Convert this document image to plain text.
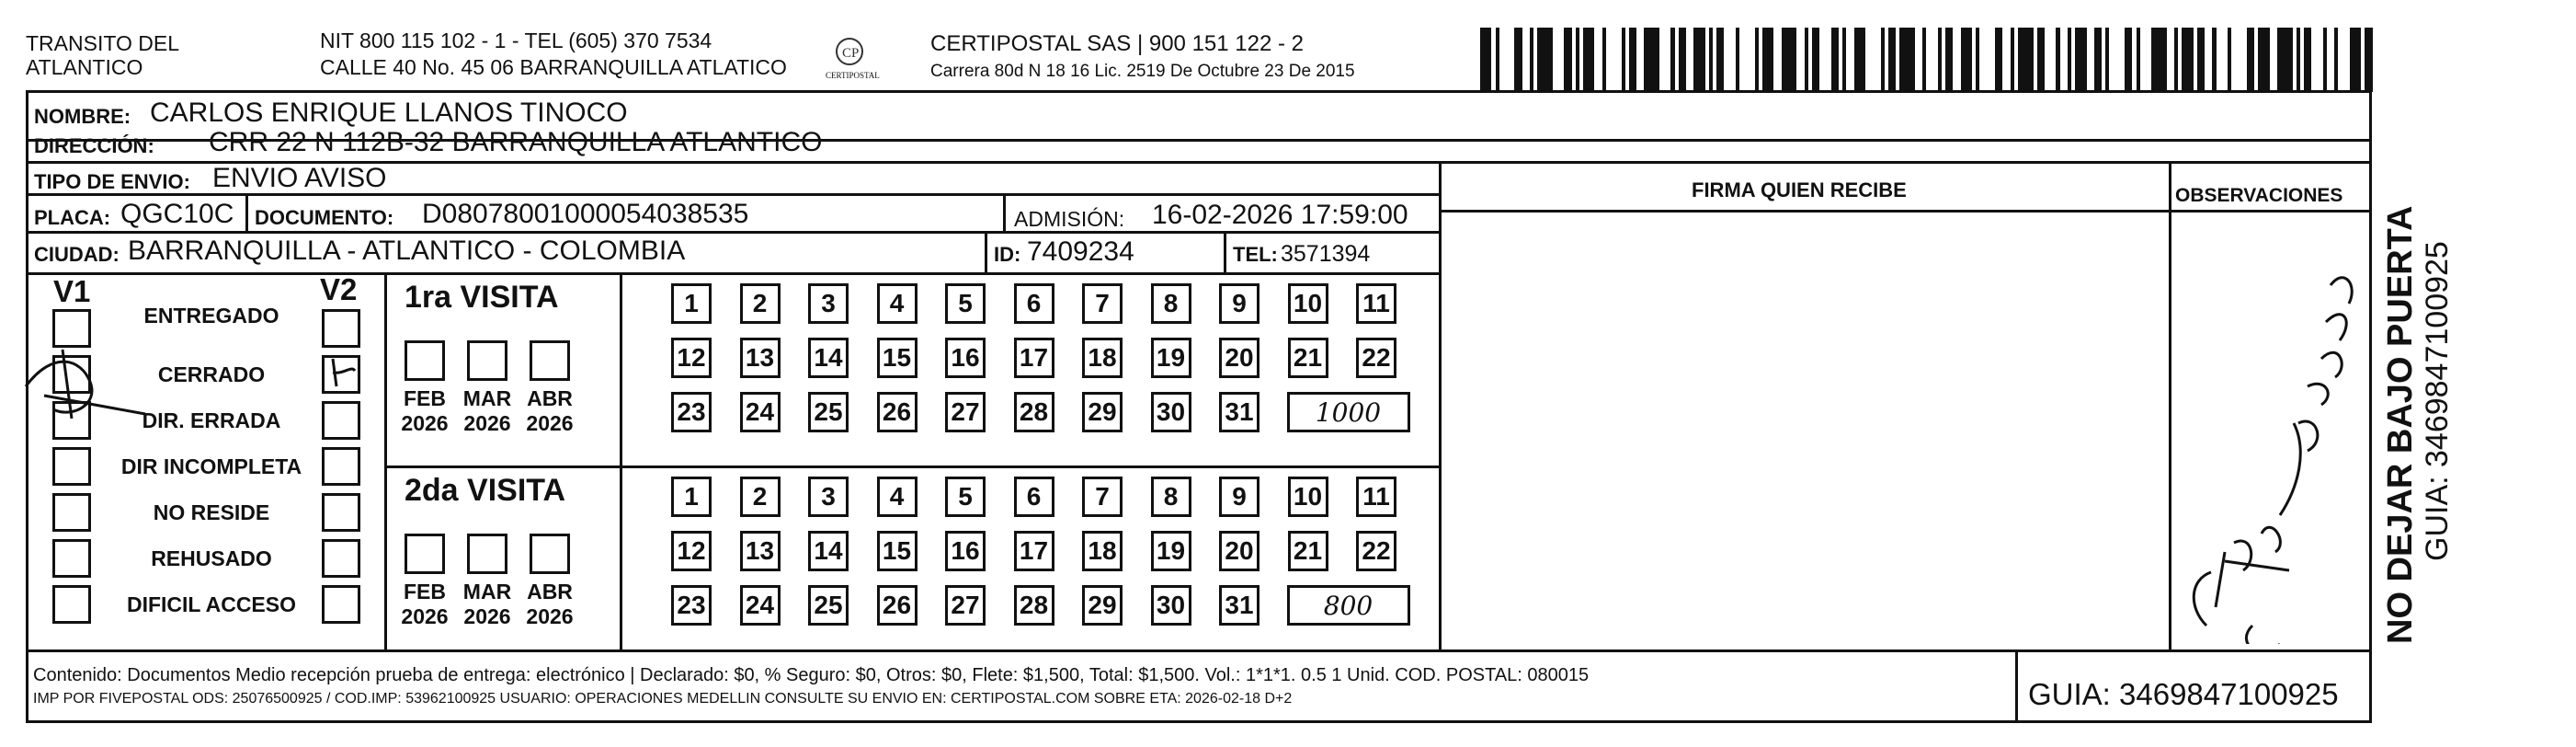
TRANSITO DEL
ATLANTICO
NIT 800 115 102 - 1 - TEL (605) 370 7534
CALLE 40 No. 45 06 BARRANQUILLA ATLATICO
CP
CERTIPOSTAL
CERTIPOSTAL SAS | 900 151 122 - 2
Carrera 80d N 18 16 Lic. 2519 De Octubre 23 De 2015
NOMBRE: CARLOS ENRIQUE LLANOS TINOCO
DIRECCIÓN: CRR 22 N 112B-32 BARRANQUILLA ATLANTICO
TIPO DE ENVIO: ENVIO AVISO
PLACA: QGC10C DOCUMENTO: D08078001000054038535	ADMISIÓN: 16-02-2026 17:59:00
CIUDAD: BARRANQUILLA - ATLANTICO - COLOMBIA	ID: 7409234	TEL: 3571394
FIRMA QUIEN RECIBE	OBSERVACIONES
NO DEJAR BAJO PUERTA GUIA: 3469847100925
V1	V2
ENTREGADO
CERRADO
DIR. ERRADA
DIR INCOMPLETA
NO RESIDE
REHUSADO
DIFICIL ACCESO
1ra VISITA
FEB
2026
MAR
2026
ABR
2026
1	2	3	4	5	6	7	8	9	10 11
12 13 14 15 16 17 18 19 20 21 22
23 24 25 26 27 28 29 30 31	1000
2da VISITA
FEB
2026
MAR
2026
ABR
2026
1	2	3	4	5	6	7	8	9	10 11
12 13 14 15 16 17 18 19 20 21 22
23 24 25 26 27 28 29 30 31	800
Contenido: Documentos Medio recepción prueba de entrega: electrónico | Declarado: $0, % Seguro: $0, Otros: $0, Flete: $1,500, Total: $1,500. Vol.: 1*1*1. 0.5 1 Unid. COD. POSTAL: 080015
IMP POR FIVEPOSTAL ODS: 25076500925 / COD.IMP: 53962100925 USUARIO: OPERACIONES MEDELLIN CONSULTE SU ENVIO EN: CERTIPOSTAL.COM SOBRE ETA: 2026-02-18 D+2	GUIA: 3469847100925
